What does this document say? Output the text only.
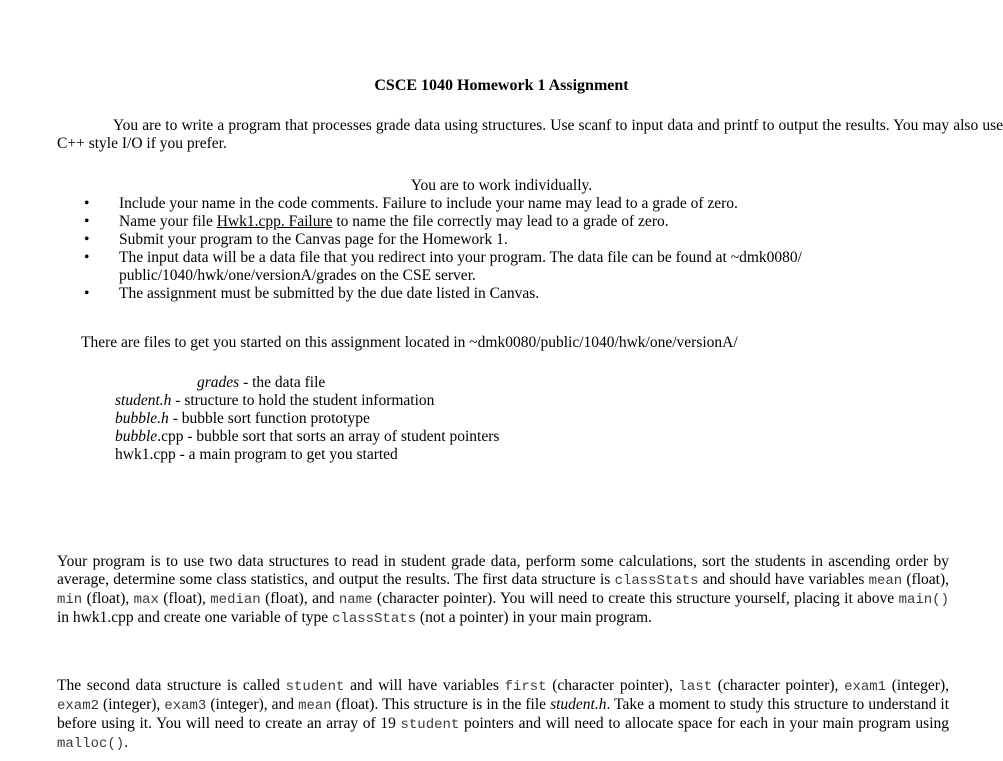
CSCE 1040 Homework 1 Assignment

You are to write a program that processes grade data using structures. Use scanf to input data and printf to output the results. You may also use C++ style I/O if you prefer.

You are to work individually.
• Include your name in the code comments. Failure to include your name may lead to a grade of zero.
• Name your file Hwk1.cpp. Failure to name the file correctly may lead to a grade of zero.
• Submit your program to the Canvas page for the Homework 1.
• The input data will be a data file that you redirect into your program. The data file can be found at ~dmk0080/ public/1040/hwk/one/versionA/grades on the CSE server.
• The assignment must be submitted by the due date listed in Canvas.
There are files to get you started on this assignment located in ~dmk0080/public/1040/hwk/one/versionA/
grades - the data file
student.h - structure to hold the student information
bubble.h - bubble sort function prototype
bubble.cpp - bubble sort that sorts an array of student pointers
hwk1.cpp - a main program to get you started

Your program is to use two data structures to read in student grade data, perform some calculations, sort the students in ascending order by average, determine some class statistics, and output the results. The first data structure is classStats and should have variables mean (float), min (float), max (float), median (float), and name (character pointer). You will need to create this structure yourself, placing it above main() in hwk1.cpp and create one variable of type classStats (not a pointer) in your main program.

The second data structure is called student and will have variables first (character pointer), last (character pointer), exam1 (integer), exam2 (integer), exam3 (integer), and mean (float). This structure is in the file student.h. Take a moment to study this structure to understand it before using it. You will need to create an array of 19 student pointers and will need to allocate space for each in your main program using malloc().
